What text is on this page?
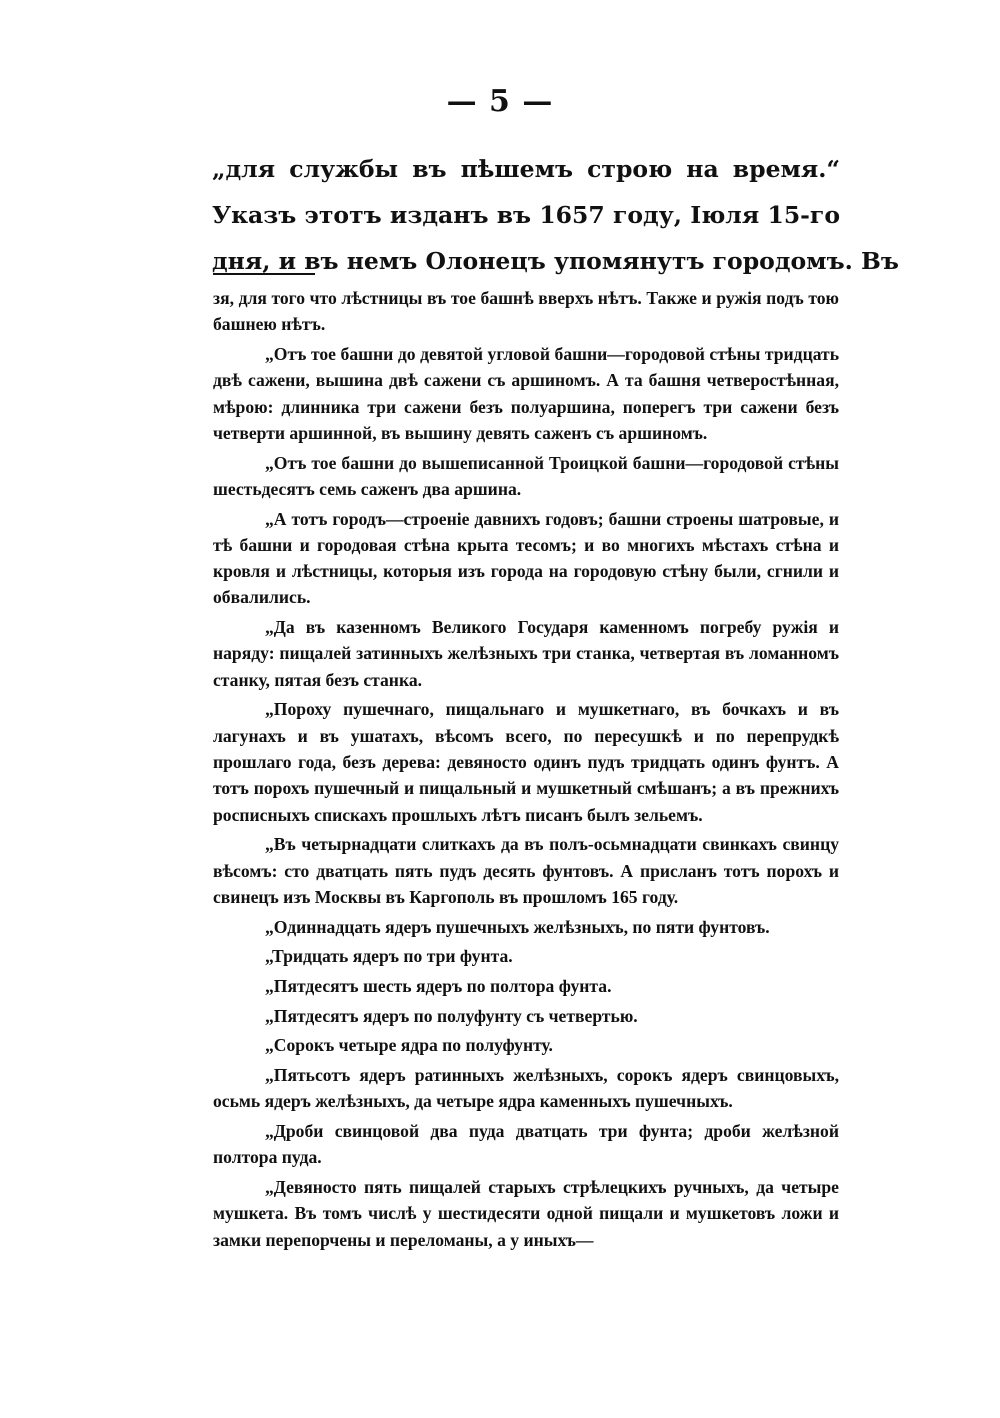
— 5 —
„для службы въ пѣшемъ строю на время.“
Указъ этотъ изданъ въ 1657 году, Іюля 15-го
дня, и въ немъ Олонецъ упомянутъ городомъ. Въ

зя, для того что лѣстницы въ тое башнѣ вверхъ нѣтъ. Также и ружія подъ тою башнею нѣтъ.

„Отъ тое башни до девятой угловой башни—городовой стѣны тридцать двѣ сажени, вышина двѣ сажени съ аршиномъ. А та башня четверостѣнная, мѣрою: длинника три сажени безъ полуаршина, поперегъ три сажени безъ четверти аршинной, въ вышину девять саженъ съ аршиномъ.

„Отъ тое башни до вышеписанной Троицкой башни—городовой стѣны шестьдесятъ семь саженъ два аршина.

„А тотъ городъ—строеніе давнихъ годовъ; башни строены шатровые, и тѣ башни и городовая стѣна крыта тесомъ; и во многихъ мѣстахъ стѣна и кровля и лѣстницы, которыя изъ города на городовую стѣну были, сгнили и обвалились.

„Да въ казенномъ Великого Государя каменномъ погребу ружія и наряду: пищалей затинныхъ желѣзныхъ три станка, четвертая въ ломанномъ станку, пятая безъ станка.

„Пороху пушечнаго, пищальнаго и мушкетнаго, въ бочкахъ и въ лагунахъ и въ ушатахъ, вѣсомъ всего, по пересушкѣ и по перепрудкѣ прошлаго года, безъ дерева: девяносто одинъ пудъ тридцать одинъ фунтъ. А тотъ порохъ пушечный и пищальный и мушкетный смѣшанъ; а въ прежнихъ росписныхъ спискахъ прошлыхъ лѣтъ писанъ былъ зельемъ.

„Въ четырнадцати слиткахъ да въ полъ-осьмнадцати свинкахъ свинцу вѣсомъ: сто дватцать пять пудъ десять фунтовъ. А присланъ тотъ порохъ и свинецъ изъ Москвы въ Каргополь въ прошломъ 165 году.

„Одиннадцать ядеръ пушечныхъ желѣзныхъ, по пяти фунтовъ.

„Тридцать ядеръ по три фунта.

„Пятдесятъ шесть ядеръ по полтора фунта.

„Пятдесятъ ядеръ по полуфунту съ четвертью.

„Сорокъ четыре ядра по полуфунту.

„Пятьсотъ ядеръ ратинныхъ желѣзныхъ, сорокъ ядеръ свинцовыхъ, осьмь ядеръ желѣзныхъ, да четыре ядра каменныхъ пушечныхъ.

„Дроби свинцовой два пуда дватцать три фунта; дроби желѣзной полтора пуда.

„Девяносто пять пищалей старыхъ стрѣлецкихъ ручныхъ, да четыре мушкета. Въ томъ числѣ у шестидесяти одной пищали и мушкетовъ ложи и замки перепорчены и переломаны, а у иныхъ—
